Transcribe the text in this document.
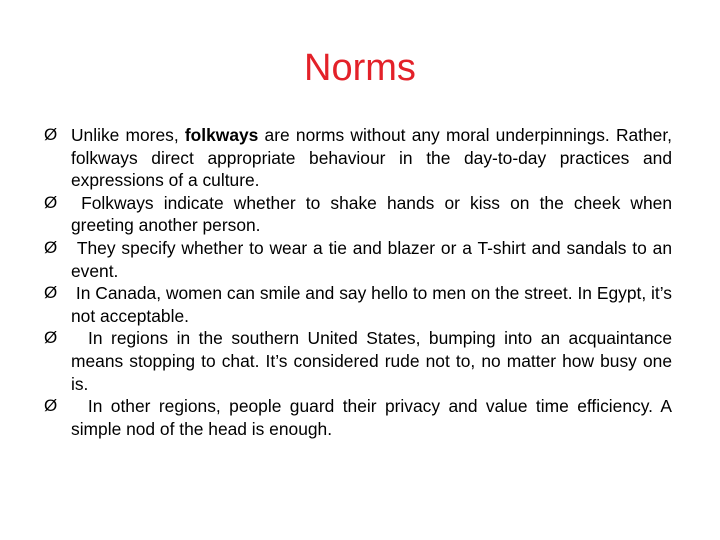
Norms
Ø Unlike mores, folkways are norms without any moral underpinnings. Rather, folkways direct appropriate behaviour in the day-to-day practices and expressions of a culture.
Ø Folkways indicate whether to shake hands or kiss on the cheek when greeting another person.
Ø They specify whether to wear a tie and blazer or a T-shirt and sandals to an event.
Ø In Canada, women can smile and say hello to men on the street. In Egypt, it’s not acceptable.
Ø In regions in the southern United States, bumping into an acquaintance means stopping to chat. It’s considered rude not to, no matter how busy one is.
Ø In other regions, people guard their privacy and value time efficiency. A simple nod of the head is enough.
